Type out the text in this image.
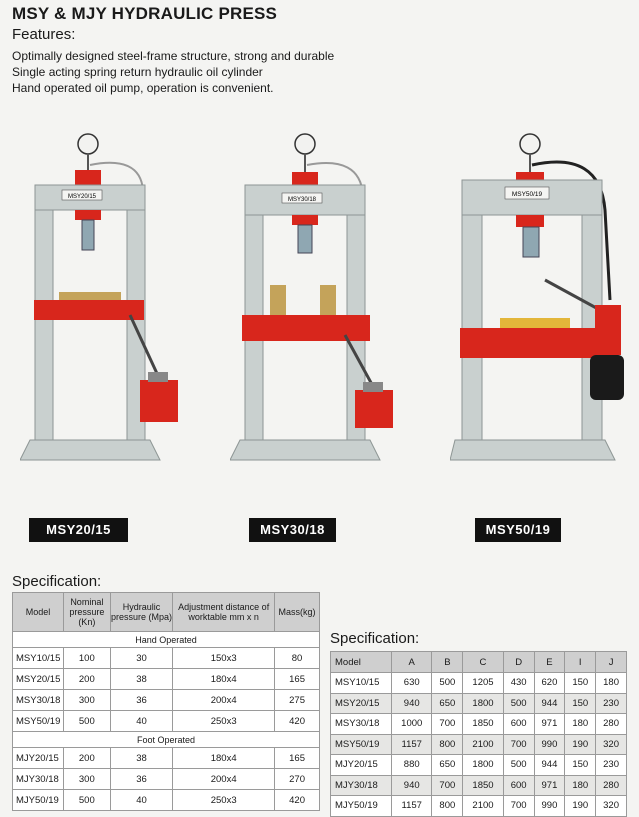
MSY & MJY HYDRAULIC PRESS
Features:
Optimally designed steel-frame structure, strong and durable
Single acting spring return hydraulic oil cylinder
Hand operated oil pump, operation is convenient.
MSY20/15	MSY30/18
MSY50/19
MSY20/15	MSY30/18	MSY50/19
Specification:
Model	Nominal pressure (Kn)	Hydraulic pressure (Mpa)	Adjustment distance of worktable mm x n	Mass(kg)
Hand Operated				
MSY10/15	100	30	150x3	80
MSY20/15	200	38	180x4	165
MSY30/18	300	36	200x4	275
MSY50/19	500	40	250x3	420
Foot Operated				
MJY20/15	200	38	180x4	165
MJY30/18	300	36	200x4	270
MJY50/19	500	40	250x3	420
Specification:
Model	A	B	C	D	E	I	J
MSY10/15	630	500	1205	430	620	150	180
MSY20/15	940	650	1800	500	944	150	230
MSY30/18	1000	700	1850	600	971	180	280
MSY50/19	1157	800	2100	700	990	190	320
MJY20/15	880	650	1800	500	944	150	230
MJY30/18	940	700	1850	600	971	180	280
MJY50/19	1157	800	2100	700	990	190	320
